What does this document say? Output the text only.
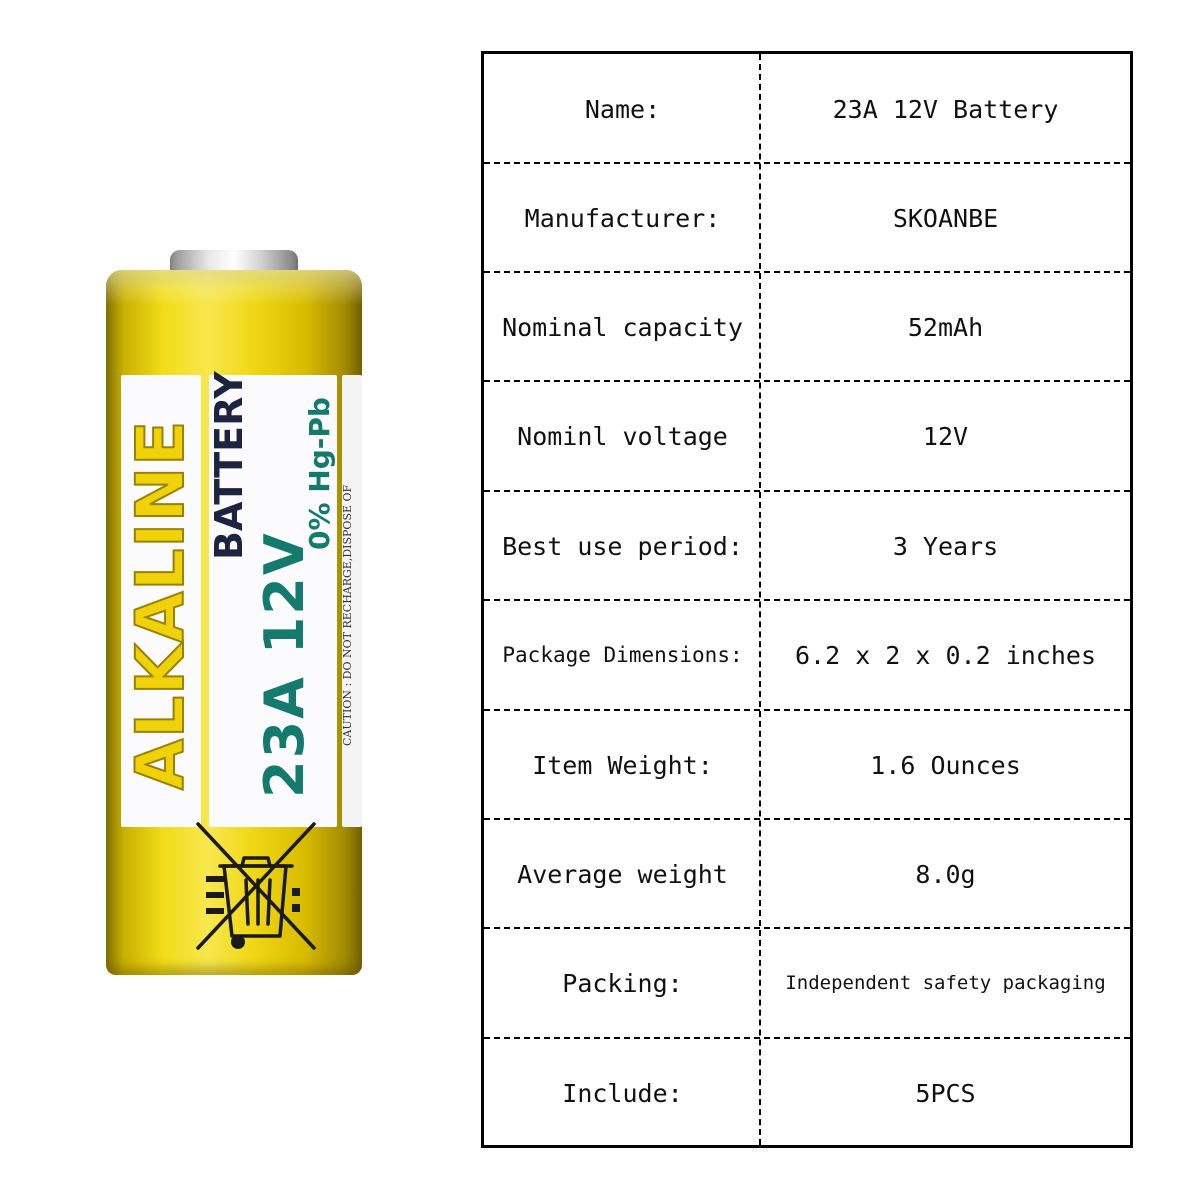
ALKALINE BATTERY
23A 12V
0% Hg-Pb
CAUTION : DO NOT RECHARGE,DISPOSE OF
Name:	23A 12V Battery
Manufacturer:	SKOANBE
Nominal capacity	52mAh
Nominl voltage	12V
Best use period:	3 Years
Package Dimensions:	6.2 x 2 x 0.2 inches
Item Weight:	1.6 Ounces
Average weight	8.0g
Packing:	Independent safety packaging
Include:	5PCS
